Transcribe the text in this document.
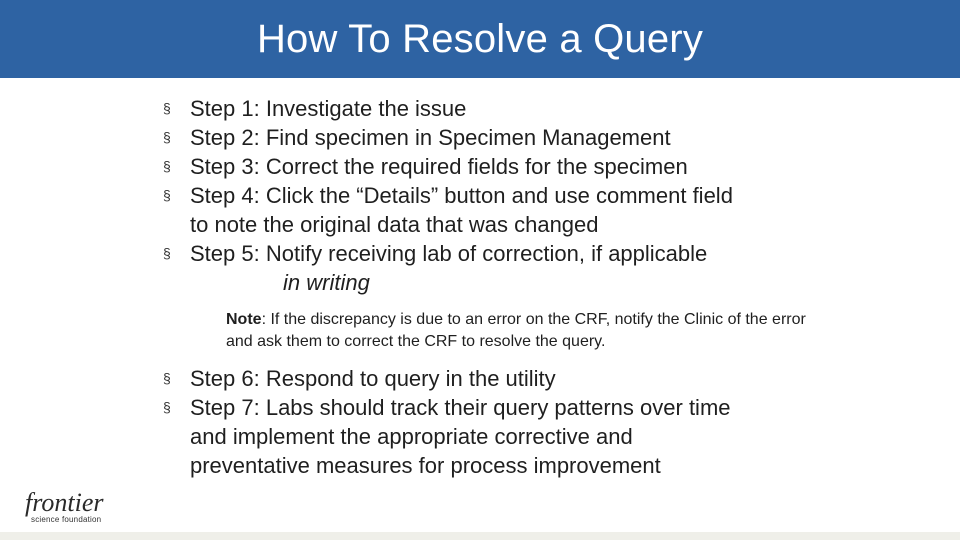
How To Resolve a Query
§ Step 1: Investigate the issue
§ Step 2: Find specimen in Specimen Management
§ Step 3: Correct the required fields for the specimen
§ Step 4: Click the “Details” button and use comment field
to note the original data that was changed
§ Step 5: Notify receiving lab of correction, if applicable
in writing
Note: If the discrepancy is due to an error on the CRF, notify the Clinic of the error and ask them to correct the CRF to resolve the query.
§ Step 6: Respond to query in the utility
§ Step 7: Labs should track their query patterns over time
and implement the appropriate corrective and
preventative measures for process improvement
frontier
science foundation
